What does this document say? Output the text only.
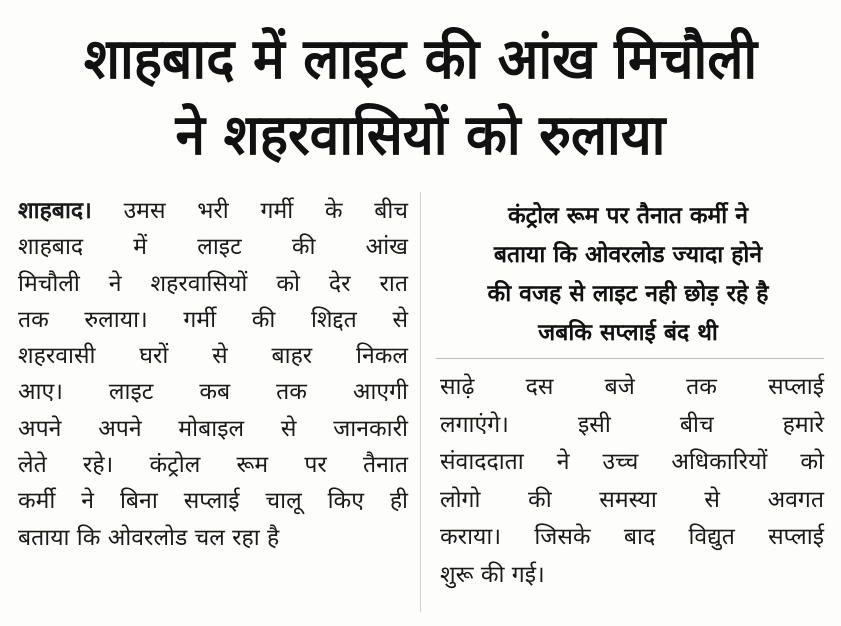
शाहबाद में लाइट की आंख मिचौली
ने शहरवासियों को रुलाया
शाहबाद। उमस भरी गर्मी के बीच
शाहबाद में लाइट की आंख
मिचौली ने शहरवासियों को देर रात
तक रुलाया। गर्मी की शिद्दत से
शहरवासी घरों से बाहर निकल
आए। लाइट कब तक आएगी
अपने अपने मोबाइल से जानकारी
लेते रहे। कंट्रोल रूम पर तैनात
कर्मी ने बिना सप्लाई चालू किए ही
बताया कि ओवरलोड चल रहा है
कंट्रोल रूम पर तैनात कर्मी ने
बताया कि ओवरलोड ज्यादा होने
की वजह से लाइट नही छोड़ रहे है
जबकि सप्लाई बंद थी
साढ़े दस बजे तक सप्लाई
लगाएंगे। इसी बीच हमारे
संवाददाता ने उच्च अधिकारियों को
लोगो की समस्या से अवगत
कराया। जिसके बाद विद्युत सप्लाई
शुरू की गई।
